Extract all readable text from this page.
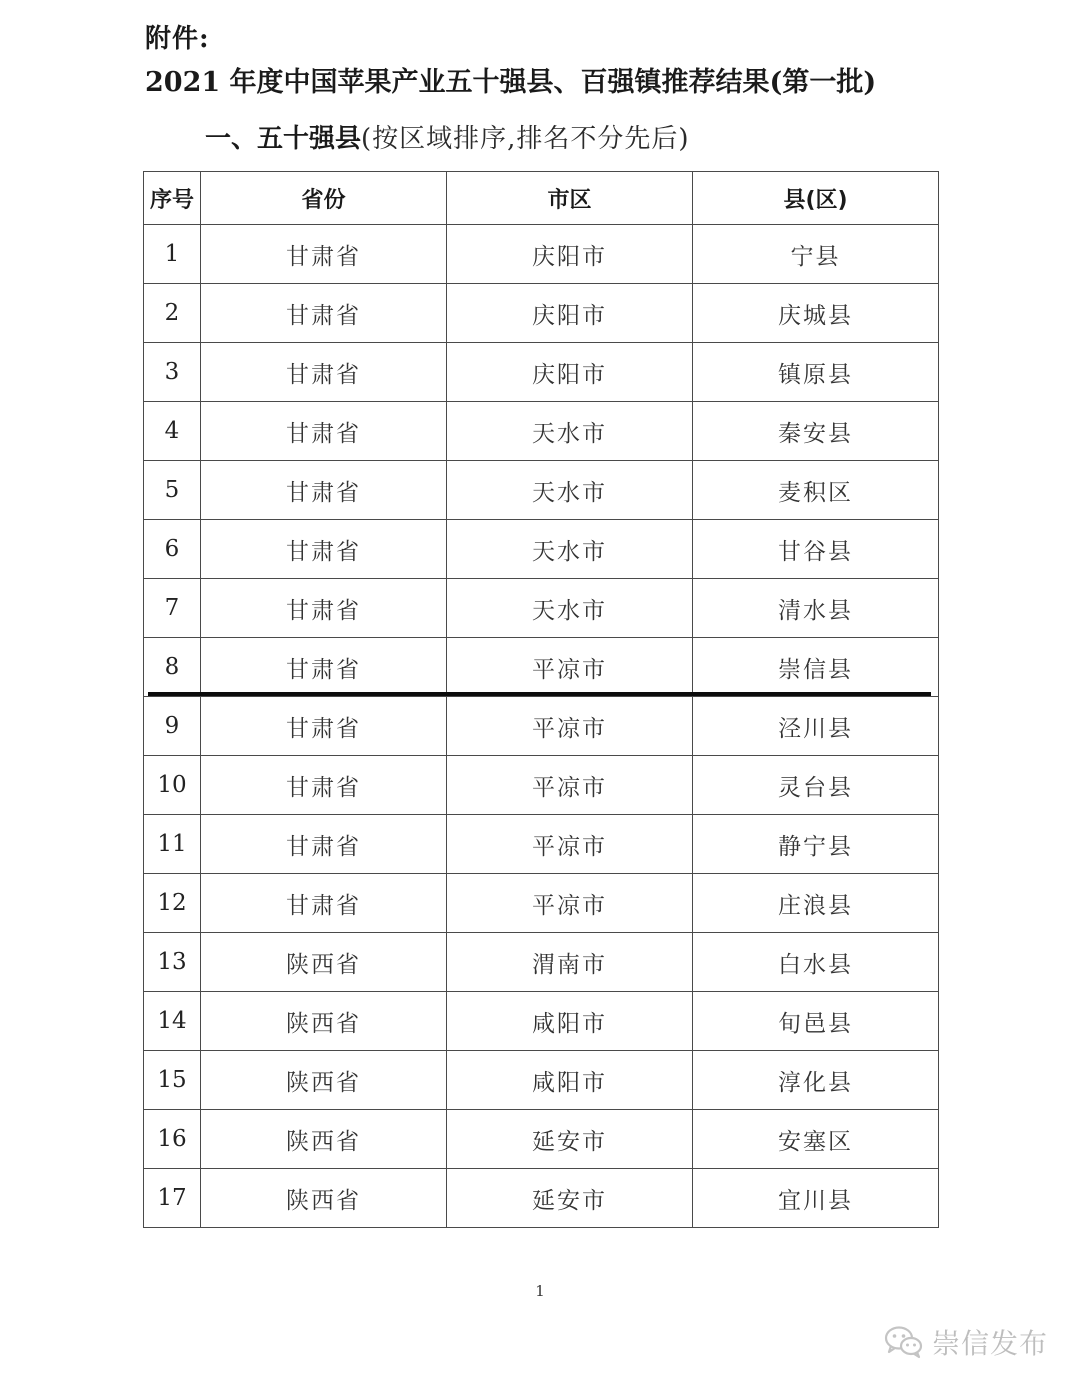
附件:
2021 年度中国苹果产业五十强县、百强镇推荐结果(第一批)
一、五十强县(按区域排序,排名不分先后)
序号	省份	市区	县(区)
1	甘肃省	庆阳市	宁县
2	甘肃省	庆阳市	庆城县
3	甘肃省	庆阳市	镇原县
4	甘肃省	天水市	秦安县
5	甘肃省	天水市	麦积区
6	甘肃省	天水市	甘谷县
7	甘肃省	天水市	清水县
8	甘肃省	平凉市	崇信县
9	甘肃省	平凉市	泾川县
10	甘肃省	平凉市	灵台县
11	甘肃省	平凉市	静宁县
12	甘肃省	平凉市	庄浪县
13	陕西省	渭南市	白水县
14	陕西省	咸阳市	旬邑县
15	陕西省	咸阳市	淳化县
16	陕西省	延安市	安塞区
17	陕西省	延安市	宜川县
1
崇信发布
